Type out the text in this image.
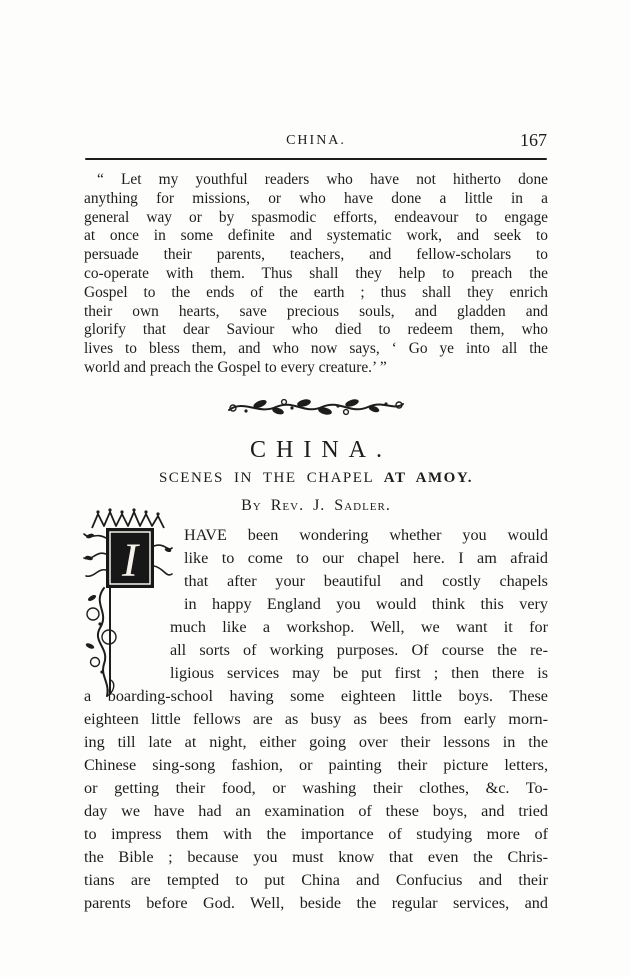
CHINA.	167
“ Let my youthful readers who have not hitherto done
anything for missions, or who have done a little in a
general way or by spasmodic efforts, endeavour to engage
at once in some definite and systematic work, and seek to
persuade their parents, teachers, and fellow-scholars to
co-operate with them. Thus shall they help to preach the
Gospel to the ends of the earth ; thus shall they enrich
their own hearts, save precious souls, and gladden and
glorify that dear Saviour who died to redeem them, who
lives to bless them, and who now says, ‘ Go ye into all the
world and preach the Gospel to every creature.’ ”
CHINA.
SCENES IN THE CHAPEL AT AMOY.
By Rev. J. Sadler.
I	HAVE been wondering whether you would
like to come to our chapel here. I am afraid
that after your beautiful and costly chapels
in happy England you would think this very
much like a workshop. Well, we want it for
all sorts of working purposes. Of course the re-
ligious services may be put first ; then there is
a boarding-school having some eighteen little boys. These
eighteen little fellows are as busy as bees from early morn-
ing till late at night, either going over their lessons in the
Chinese sing-song fashion, or painting their picture letters,
or getting their food, or washing their clothes, &c. To-
day we have had an examination of these boys, and tried
to impress them with the importance of studying more of
the Bible ; because you must know that even the Chris-
tians are tempted to put China and Confucius and their
parents before God. Well, beside the regular services, and
